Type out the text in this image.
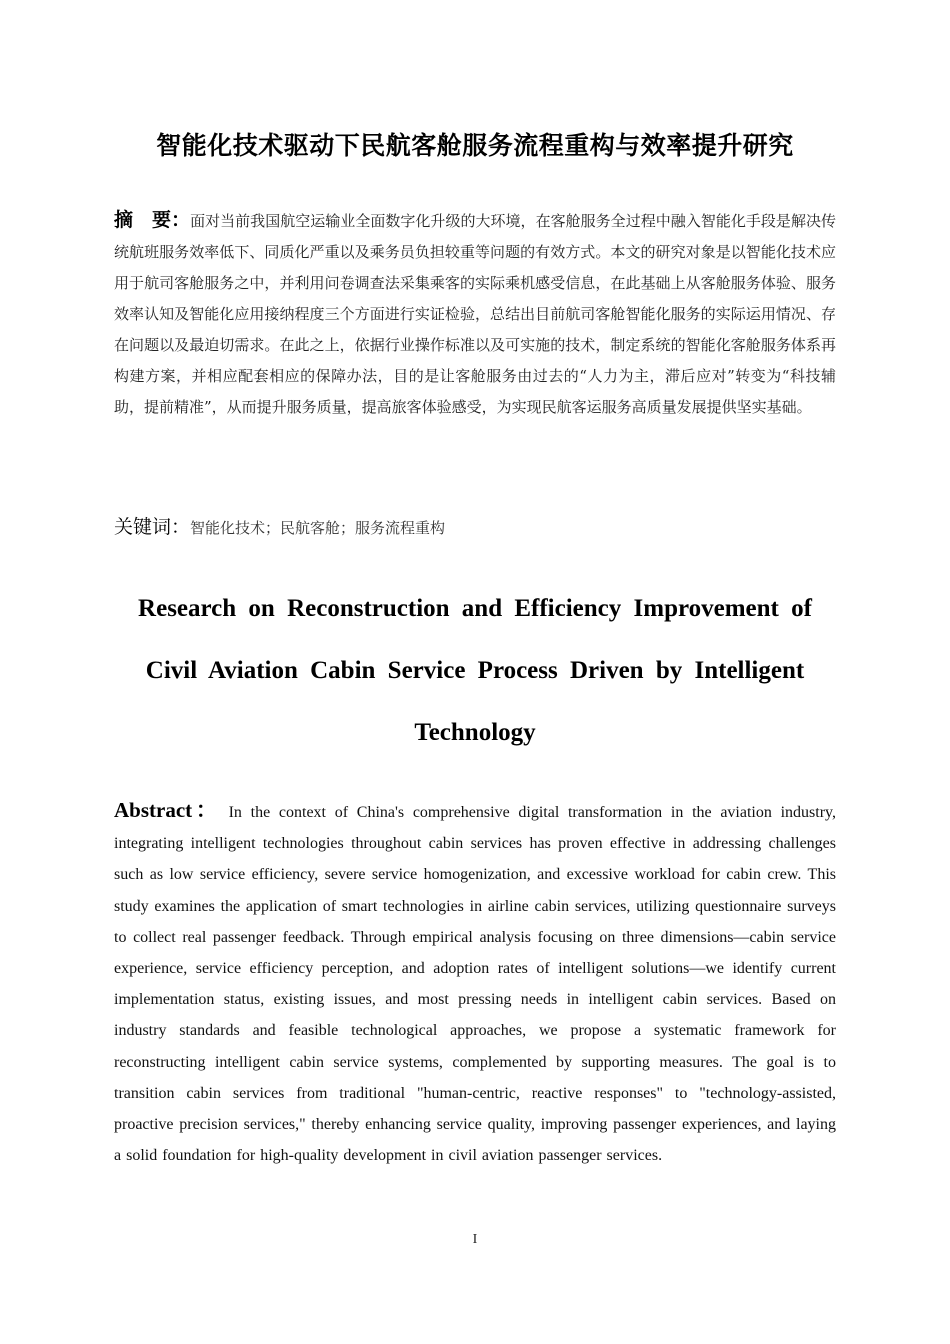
智能化技术驱动下民航客舱服务流程重构与效率提升研究
摘　要：面对当前我国航空运输业全面数字化升级的大环境，在客舱服务全过程中融入智能化手段是解决传统航班服务效率低下、同质化严重以及乘务员负担较重等问题的有效方式。本文的研究对象是以智能化技术应用于航司客舱服务之中，并利用问卷调查法采集乘客的实际乘机感受信息，在此基础上从客舱服务体验、服务效率认知及智能化应用接纳程度三个方面进行实证检验，总结出目前航司客舱智能化服务的实际运用情况、存在问题以及最迫切需求。在此之上，依据行业操作标准以及可实施的技术，制定系统的智能化客舱服务体系再构建方案，并相应配套相应的保障办法，目的是让客舱服务由过去的“人力为主，滞后应对”转变为“科技辅助，提前精准”，从而提升服务质量，提高旅客体验感受，为实现民航客运服务高质量发展提供坚实基础。
关键词：智能化技术；民航客舱；服务流程重构
Research on Reconstruction and Efficiency Improvement of Civil Aviation Cabin Service Process Driven by Intelligent Technology
Abstract： In the context of China's comprehensive digital transformation in the aviation industry, integrating intelligent technologies throughout cabin services has proven effective in addressing challenges such as low service efficiency, severe service homogenization, and excessive workload for cabin crew. This study examines the application of smart technologies in airline cabin services, utilizing questionnaire surveys to collect real passenger feedback. Through empirical analysis focusing on three dimensions—cabin service experience, service efficiency perception, and adoption rates of intelligent solutions—we identify current implementation status, existing issues, and most pressing needs in intelligent cabin services. Based on industry standards and feasible technological approaches, we propose a systematic framework for reconstructing intelligent cabin service systems, complemented by supporting measures. The goal is to transition cabin services from traditional "human-centric, reactive responses" to "technology-assisted, proactive precision services," thereby enhancing service quality, improving passenger experiences, and laying a solid foundation for high-quality development in civil aviation passenger services.
I
